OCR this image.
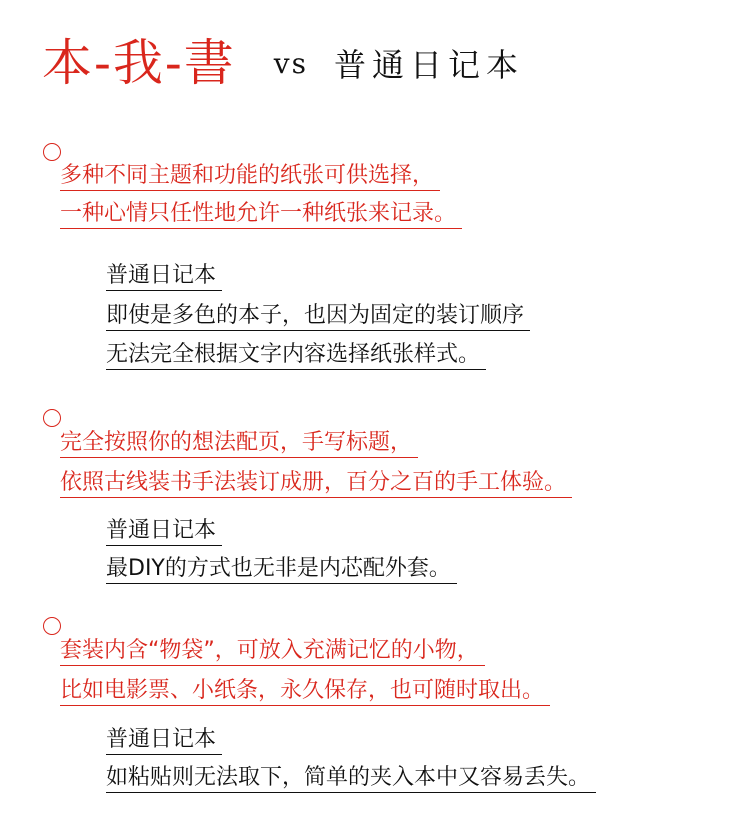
本-我-書 vs 普通日记本
多种不同主题和功能的纸张可供选择，
一种心情只任性地允许一种纸张来记录。
普通日记本
即使是多色的本子，也因为固定的装订顺序
无法完全根据文字内容选择纸张样式。
完全按照你的想法配页，手写标题，
依照古线装书手法装订成册，百分之百的手工体验。
普通日记本
最DIY的方式也无非是内芯配外套。
套装内含“物袋”，可放入充满记忆的小物，
比如电影票、小纸条，永久保存，也可随时取出。
普通日记本
如粘贴则无法取下，简单的夹入本中又容易丢失。
